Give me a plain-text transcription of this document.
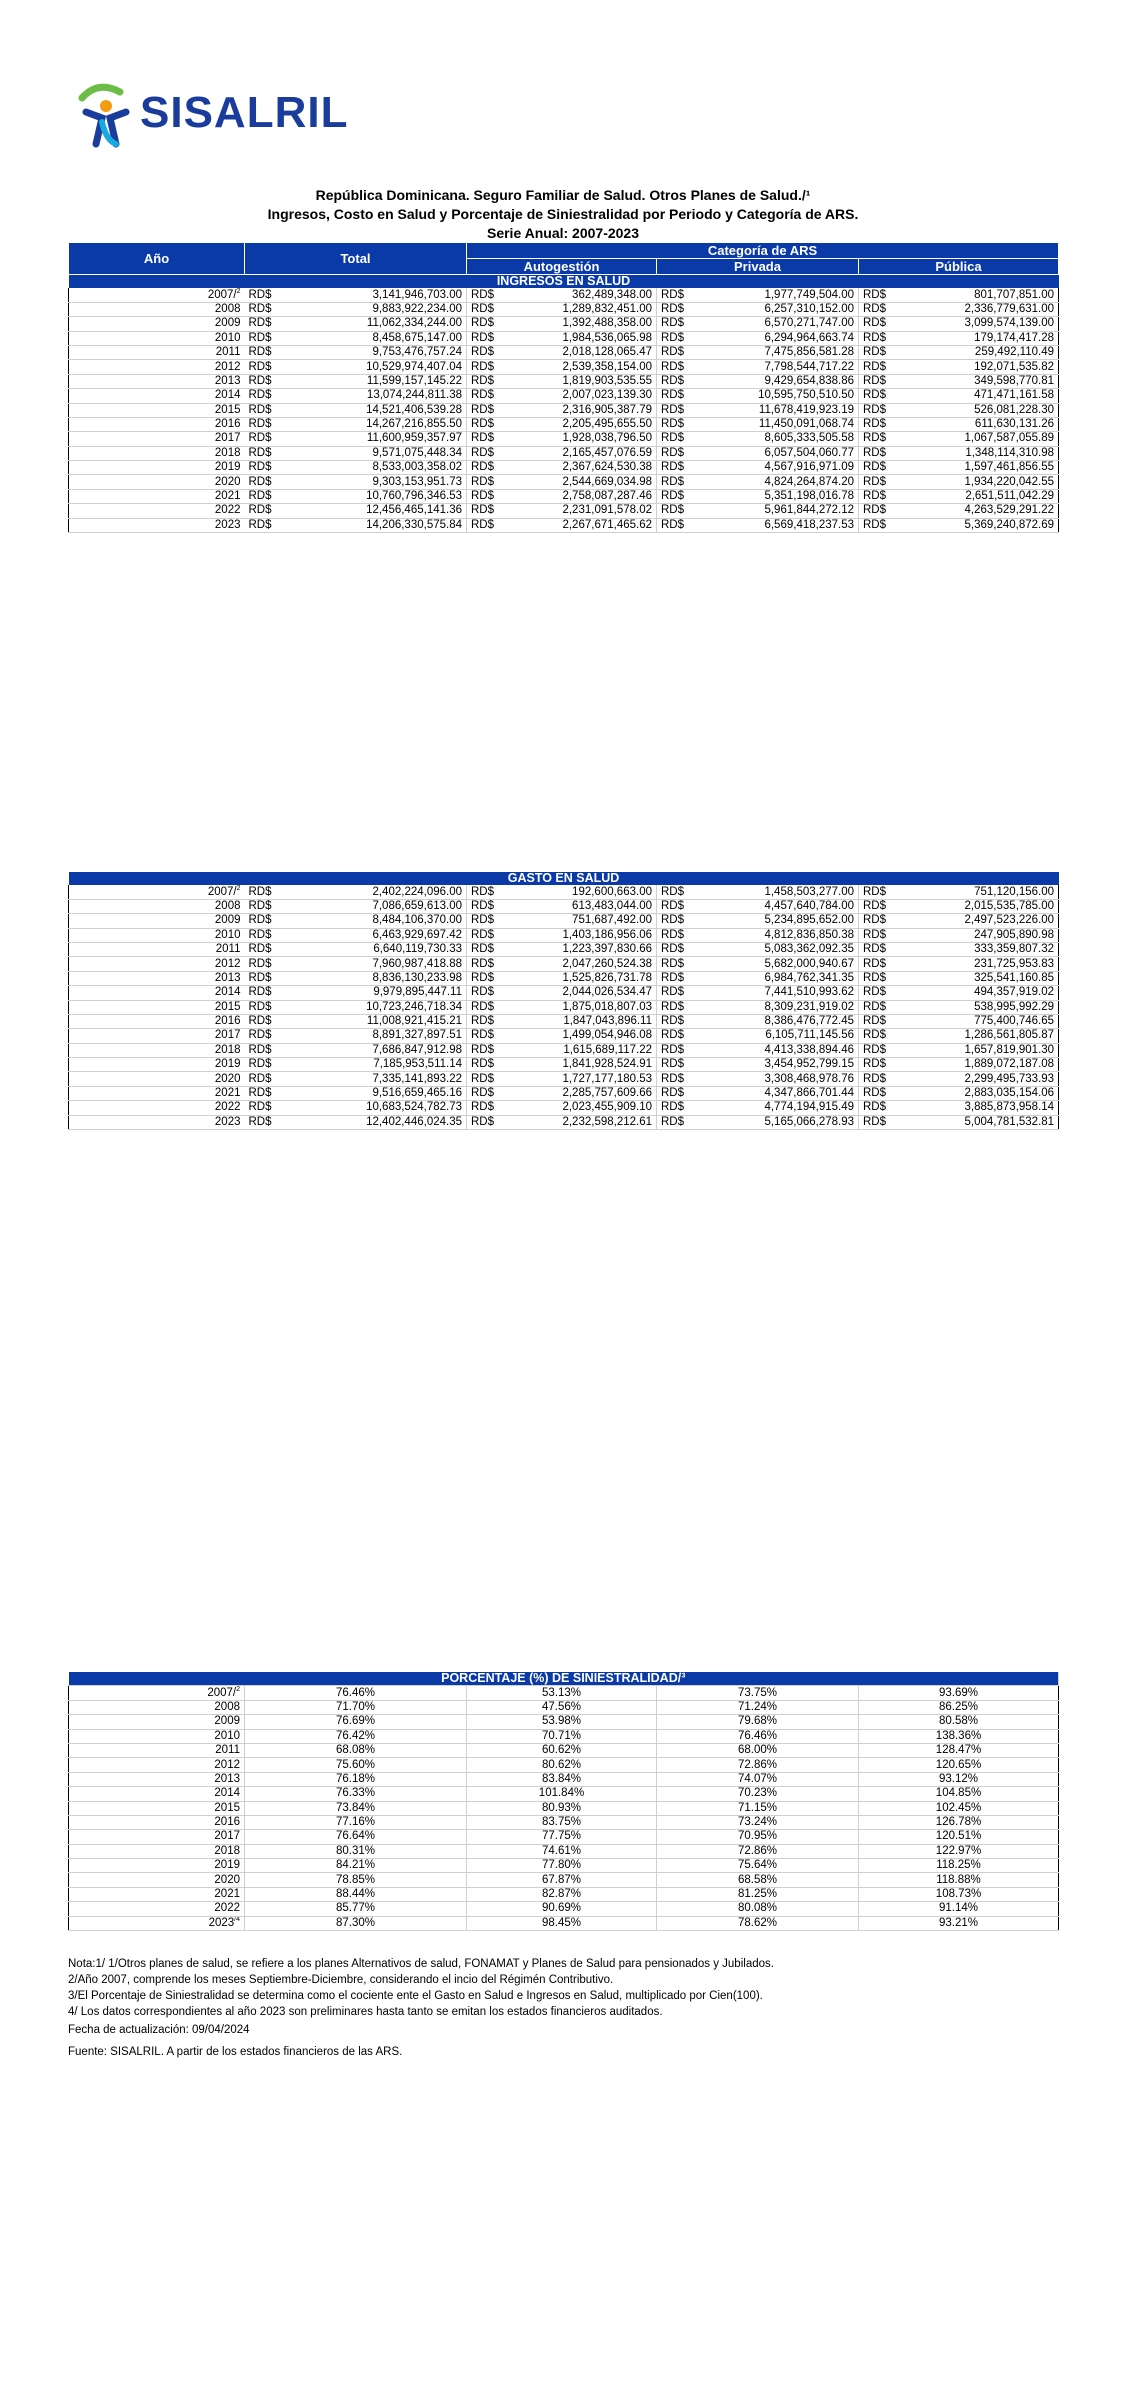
SISALRIL
República Dominicana. Seguro Familiar de Salud. Otros Planes de Salud./¹
Ingresos, Costo en Salud y Porcentaje de Siniestralidad por Periodo y Categoría de ARS.
Serie Anual: 2007-2023
Año	Total		Categoría de ARS					
			Autogestión		Privada		Pública	
INGRESOS EN SALUD								
2007/$^2$	RD$	3,141,946,703.00	RD$	362,489,348.00	RD$	1,977,749,504.00	RD$	801,707,851.00
2008	RD$	9,883,922,234.00	RD$	1,289,832,451.00	RD$	6,257,310,152.00	RD$	2,336,779,631.00
2009	RD$	11,062,334,244.00	RD$	1,392,488,358.00	RD$	6,570,271,747.00	RD$	3,099,574,139.00
2010	RD$	8,458,675,147.00	RD$	1,984,536,065.98	RD$	6,294,964,663.74	RD$	179,174,417.28
2011	RD$	9,753,476,757.24	RD$	2,018,128,065.47	RD$	7,475,856,581.28	RD$	259,492,110.49
2012	RD$	10,529,974,407.04	RD$	2,539,358,154.00	RD$	7,798,544,717.22	RD$	192,071,535.82
2013	RD$	11,599,157,145.22	RD$	1,819,903,535.55	RD$	9,429,654,838.86	RD$	349,598,770.81
2014	RD$	13,074,244,811.38	RD$	2,007,023,139.30	RD$	10,595,750,510.50	RD$	471,471,161.58
2015	RD$	14,521,406,539.28	RD$	2,316,905,387.79	RD$	11,678,419,923.19	RD$	526,081,228.30
2016	RD$	14,267,216,855.50	RD$	2,205,495,655.50	RD$	11,450,091,068.74	RD$	611,630,131.26
2017	RD$	11,600,959,357.97	RD$	1,928,038,796.50	RD$	8,605,333,505.58	RD$	1,067,587,055.89
2018	RD$	9,571,075,448.34	RD$	2,165,457,076.59	RD$	6,057,504,060.77	RD$	1,348,114,310.98
2019	RD$	8,533,003,358.02	RD$	2,367,624,530.38	RD$	4,567,916,971.09	RD$	1,597,461,856.55
2020	RD$	9,303,153,951.73	RD$	2,544,669,034.98	RD$	4,824,264,874.20	RD$	1,934,220,042.55
2021	RD$	10,760,796,346.53	RD$	2,758,087,287.46	RD$	5,351,198,016.78	RD$	2,651,511,042.29
2022	RD$	12,456,465,141.36	RD$	2,231,091,578.02	RD$	5,961,844,272.12	RD$	4,263,529,291.22
2023	RD$	14,206,330,575.84	RD$	2,267,671,465.62	RD$	6,569,418,237.53	RD$	5,369,240,872.69
GASTO EN SALUD								
2007/$^2$	RD$	2,402,224,096.00	RD$	192,600,663.00	RD$	1,458,503,277.00	RD$	751,120,156.00
2008	RD$	7,086,659,613.00	RD$	613,483,044.00	RD$	4,457,640,784.00	RD$	2,015,535,785.00
2009	RD$	8,484,106,370.00	RD$	751,687,492.00	RD$	5,234,895,652.00	RD$	2,497,523,226.00
2010	RD$	6,463,929,697.42	RD$	1,403,186,956.06	RD$	4,812,836,850.38	RD$	247,905,890.98
2011	RD$	6,640,119,730.33	RD$	1,223,397,830.66	RD$	5,083,362,092.35	RD$	333,359,807.32
2012	RD$	7,960,987,418.88	RD$	2,047,260,524.38	RD$	5,682,000,940.67	RD$	231,725,953.83
2013	RD$	8,836,130,233.98	RD$	1,525,826,731.78	RD$	6,984,762,341.35	RD$	325,541,160.85
2014	RD$	9,979,895,447.11	RD$	2,044,026,534.47	RD$	7,441,510,993.62	RD$	494,357,919.02
2015	RD$	10,723,246,718.34	RD$	1,875,018,807.03	RD$	8,309,231,919.02	RD$	538,995,992.29
2016	RD$	11,008,921,415.21	RD$	1,847,043,896.11	RD$	8,386,476,772.45	RD$	775,400,746.65
2017	RD$	8,891,327,897.51	RD$	1,499,054,946.08	RD$	6,105,711,145.56	RD$	1,286,561,805.87
2018	RD$	7,686,847,912.98	RD$	1,615,689,117.22	RD$	4,413,338,894.46	RD$	1,657,819,901.30
2019	RD$	7,185,953,511.14	RD$	1,841,928,524.91	RD$	3,454,952,799.15	RD$	1,889,072,187.08
2020	RD$	7,335,141,893.22	RD$	1,727,177,180.53	RD$	3,308,468,978.76	RD$	2,299,495,733.93
2021	RD$	9,516,659,465.16	RD$	2,285,757,609.66	RD$	4,347,866,701.44	RD$	2,883,035,154.06
2022	RD$	10,683,524,782.73	RD$	2,023,455,909.10	RD$	4,774,194,915.49	RD$	3,885,873,958.14
2023	RD$	12,402,446,024.35	RD$	2,232,598,212.61	RD$	5,165,066,278.93	RD$	5,004,781,532.81
PORCENTAJE (%) DE SINIESTRALIDAD/³				
2007/$^2$	76.46%	53.13%	73.75%	93.69%
2008	71.70%	47.56%	71.24%	86.25%
2009	76.69%	53.98%	79.68%	80.58%
2010	76.42%	70.71%	76.46%	138.36%
2011	68.08%	60.62%	68.00%	128.47%
2012	75.60%	80.62%	72.86%	120.65%
2013	76.18%	83.84%	74.07%	93.12%
2014	76.33%	101.84%	70.23%	104.85%
2015	73.84%	80.93%	71.15%	102.45%
2016	77.16%	83.75%	73.24%	126.78%
2017	76.64%	77.75%	70.95%	120.51%
2018	80.31%	74.61%	72.86%	122.97%
2019	84.21%	77.80%	75.64%	118.25%
2020	78.85%	67.87%	68.58%	118.88%
2021	88.44%	82.87%	81.25%	108.73%
2022	85.77%	90.69%	80.08%	91.14%
$2023^{/4}$	87.30%	98.45%	78.62%	93.21%
Nota:1/ 1/Otros planes de salud, se refiere a los planes Alternativos de salud, FONAMAT y Planes de Salud para pensionados y Jubilados.
2/Año 2007, comprende los meses Septiembre-Diciembre, considerando el incio del Régimén Contributivo.
3/El Porcentaje de Siniestralidad se determina como el cociente ente el Gasto en Salud e Ingresos en Salud, multiplicado por Cien(100).
4/ Los datos correspondientes al año 2023 son preliminares hasta tanto se emitan los estados financieros auditados.
Fecha de actualización: 09/04/2024
Fuente: SISALRIL. A partir de los estados financieros de las ARS.
